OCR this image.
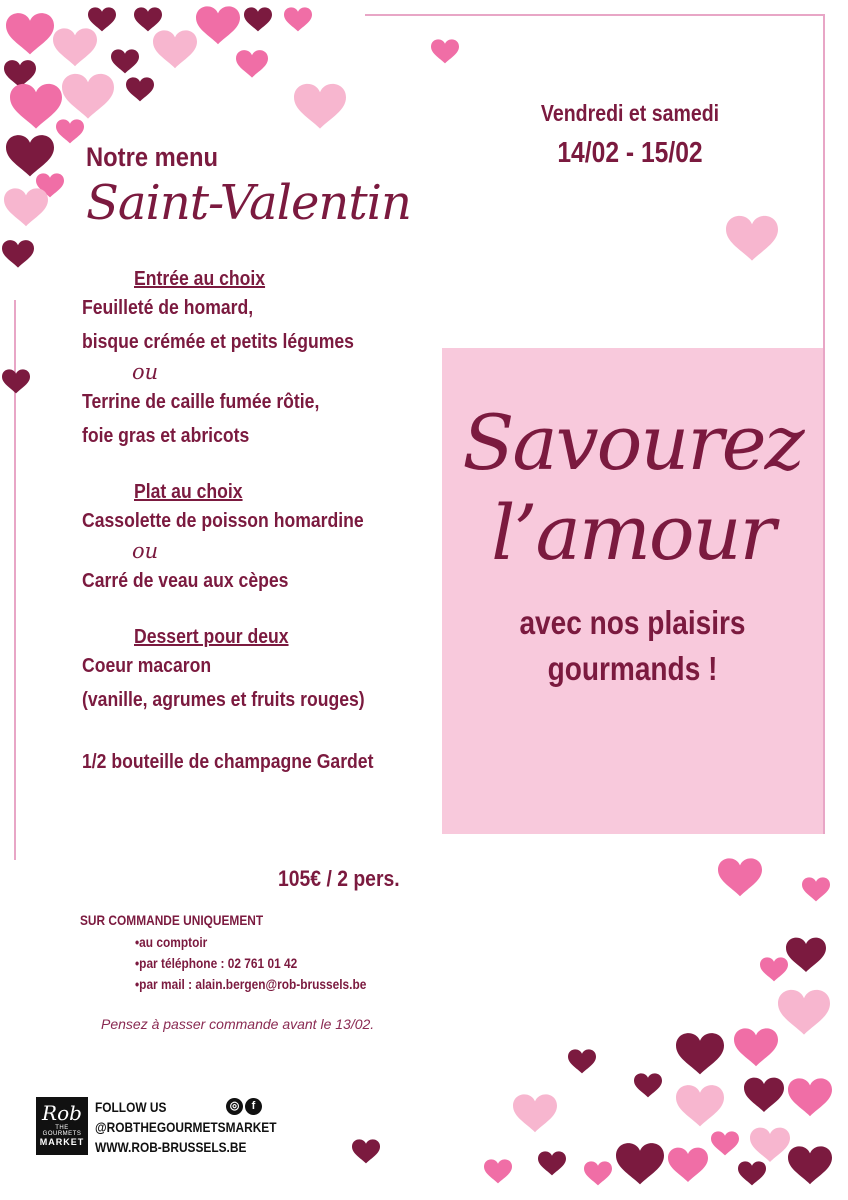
Vendredi et samedi
14/02 - 15/02
Notre menu
Saint-Valentin
Entrée au choix
Feuilleté de homard,
bisque crémée et petits légumes
ou
Terrine de caille fumée rôtie,
foie gras et abricots
Plat au choix
Cassolette de poisson homardine
ou
Carré de veau aux cèpes
Dessert pour deux
Coeur macaron
(vanille, agrumes et fruits rouges)
1/2 bouteille de champagne Gardet
105€ / 2 pers.
SUR COMMANDE UNIQUEMENT
• au comptoir
• par téléphone : 02 761 01 42
• par mail : alain.bergen@rob-brussels.be
Pensez à passer commande avant le 13/02.
Savourez
l’amour
avec nos plaisirs
gourmands !
Rob
THE GOURMETS
MARKET
FOLLOW US
@ROBTHEGOURMETSMARKET
WWW.ROB-BRUSSELS.BE
◎ f
